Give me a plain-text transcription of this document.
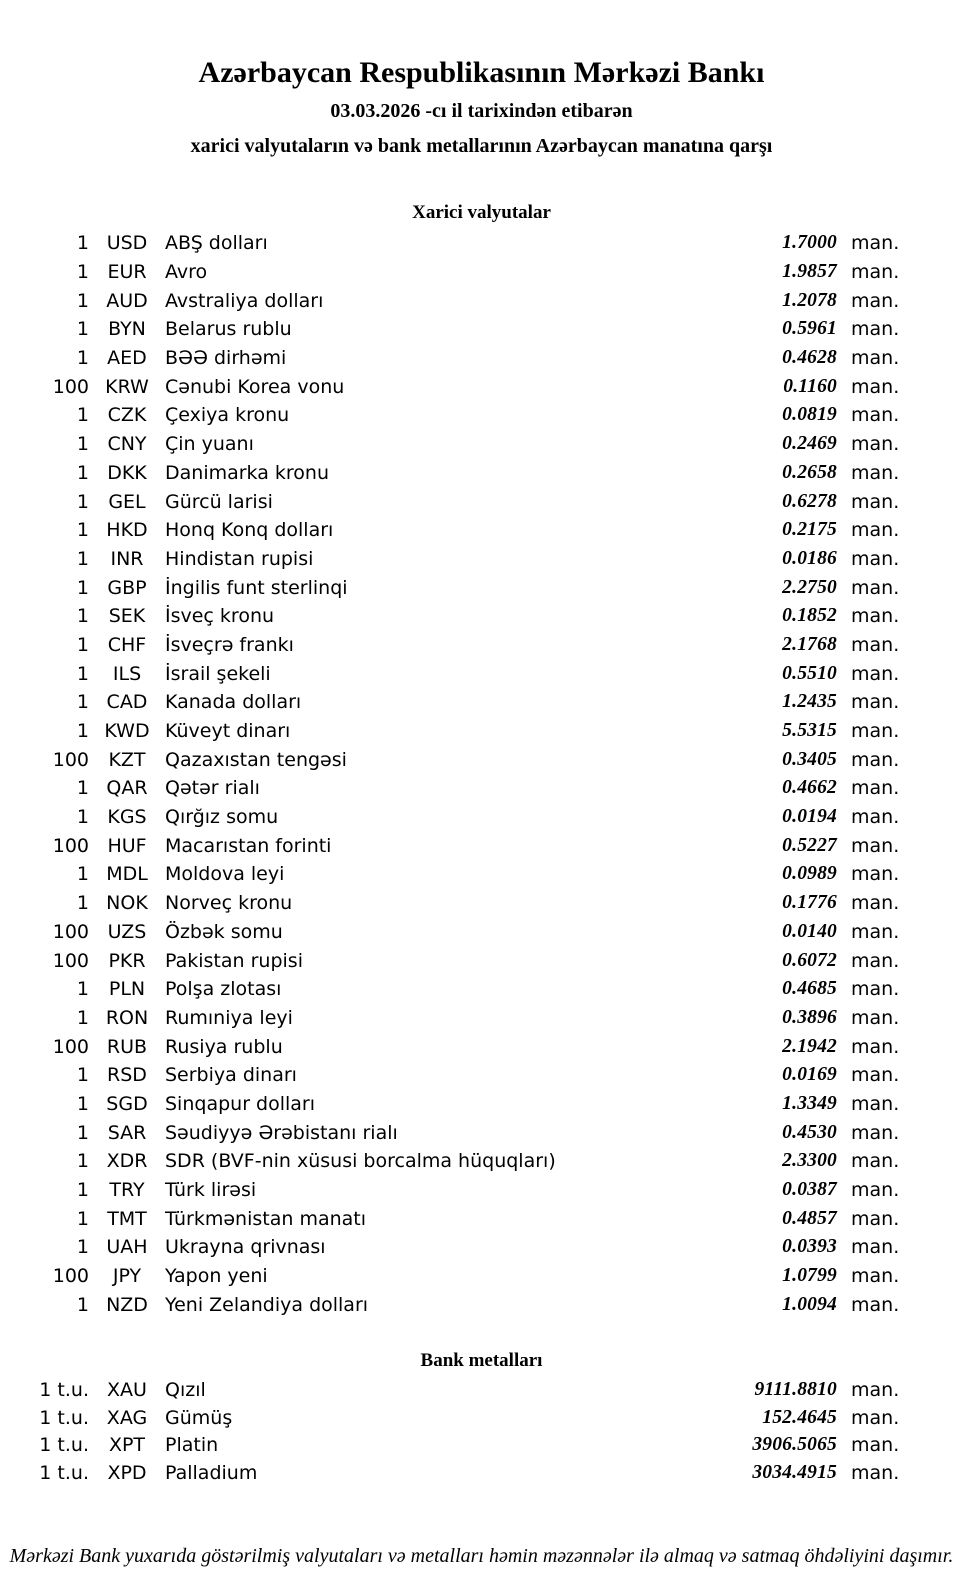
Azərbaycan Respublikasının Mərkəzi Bankı
03.03.2026 -cı il tarixindən etibarən
xarici valyutaların və bank metallarının Azərbaycan manatına qarşı
Xarici valyutalar
1 USD ABŞ dolları	1.7000 man.
1 EUR Avro	1.9857 man.
1 AUD Avstraliya dolları	1.2078 man.
1	BYN	Belarus rublu	0.5961 man.
1 AED BƏƏ dirhəmi	0.4628 man.
100 KRW Cənubi Korea vonu	0.1160 man.
1 CZK Çexiya kronu	0.0819 man.
1 CNY Çin yuanı	0.2469 man.
1 DKK Danimarka kronu	0.2658 man.
1	GEL	Gürcü larisi	0.6278 man.
1 HKD Honq Konq dolları	0.2175 man.
1	INR	Hindistan rupisi	0.0186 man.
1 GBP İngilis funt sterlinqi	2.2750 man.
1	SEK	İsveç kronu	0.1852 man.
1 CHF İsveçrə frankı	2.1768 man.
1	ILS	İsrail şekeli	0.5510 man.
1 CAD Kanada dolları	1.2435 man.
1 KWD Küveyt dinarı	5.5315 man.
100	KZT	Qazaxıstan tengəsi	0.3405 man.
1 QAR Qətər rialı	0.4662 man.
1 KGS Qırğız somu	0.0194 man.
100 HUF Macarıstan forinti	0.5227 man.
1 MDL Moldova leyi	0.0989 man.
1 NOK Norveç kronu	0.1776 man.
100 UZS Özbək somu	0.0140 man.
100	PKR	Pakistan rupisi	0.6072 man.
1	PLN	Polşa zlotası	0.4685 man.
1 RON Rumıniya leyi	0.3896 man.
100 RUB Rusiya rublu	2.1942 man.
1 RSD Serbiya dinarı	0.0169 man.
1 SGD Sinqapur dolları	1.3349 man.
1 SAR Səudiyyə Ərəbistanı rialı	0.4530 man.
1 XDR SDR (BVF-nin xüsusi borcalma hüquqları)	2.3300 man.
1	TRY	Türk lirəsi	0.0387 man.
1 TMT Türkmənistan manatı	0.4857 man.
1 UAH Ukrayna qrivnası	0.0393 man.
100	JPY	Yapon yeni	1.0799 man.
1 NZD Yeni Zelandiya dolları	1.0094 man.
Bank metalları
1 t.u. XAU Qızıl	9111.8810 man.
1 t.u. XAG Gümüş	152.4645 man.
1 t.u.	XPT	Platin	3906.5065 man.
1 t.u. XPD Palladium	3034.4915 man.
Mərkəzi Bank yuxarıda göstərilmiş valyutaları və metalları həmin məzənnələr ilə almaq və satmaq öhdəliyini daşımır.
